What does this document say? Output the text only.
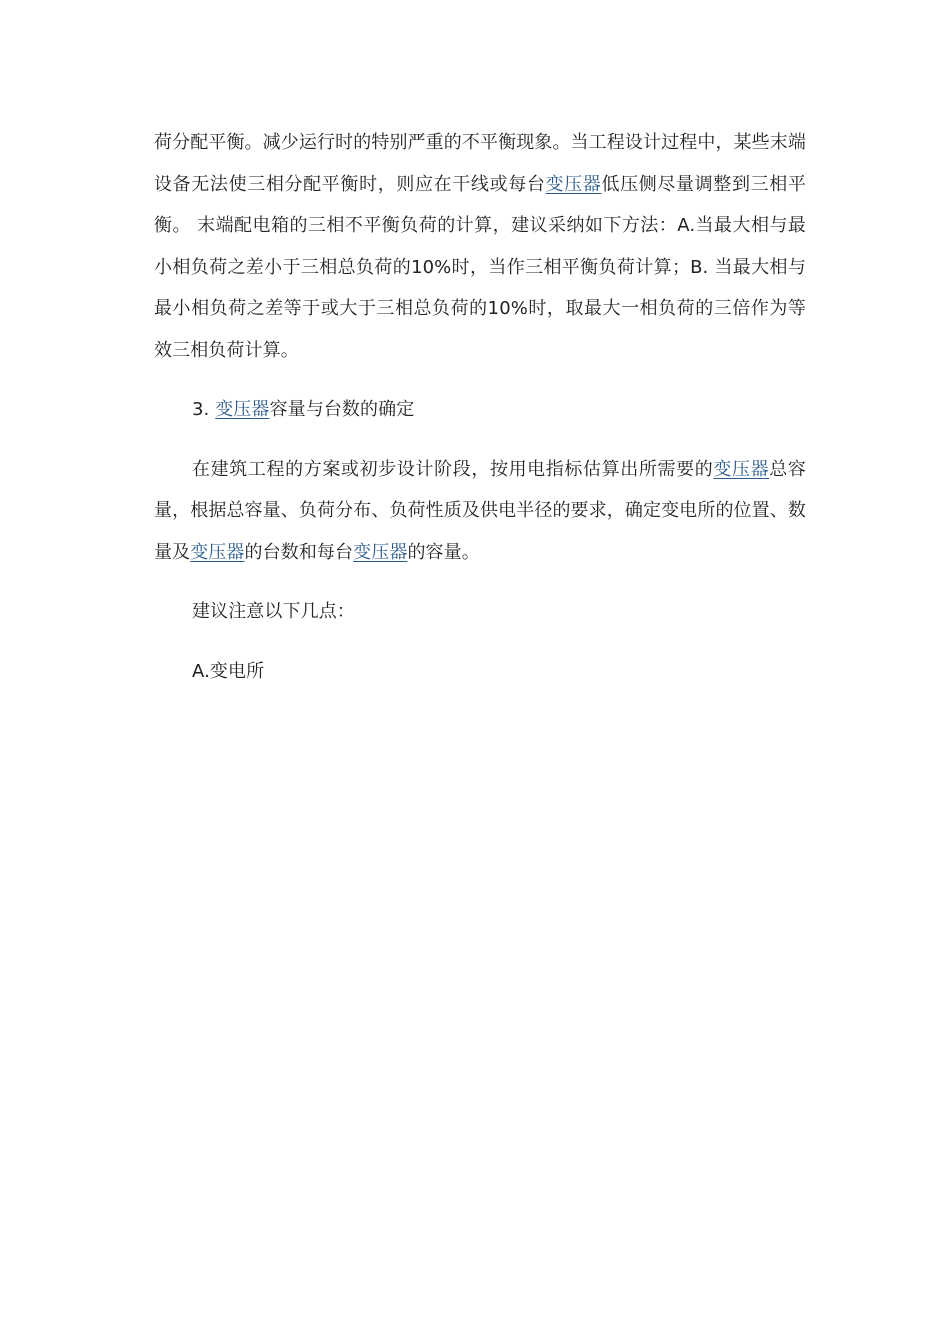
荷分配平衡。减少运行时的特别严重的不平衡现象。当工程设计过程中，某些末端设备无法使三相分配平衡时，则应在干线或每台变压器低压侧尽量调整到三相平衡。 末端配电箱的三相不平衡负荷的计算，建议采纳如下方法：A.当最大相与最小相负荷之差小于三相总负荷的10%时，当作三相平衡负荷计算；B. 当最大相与最小相负荷之差等于或大于三相总负荷的10%时，取最大一相负荷的三倍作为等效三相负荷计算。

3. 变压器容量与台数的确定

在建筑工程的方案或初步设计阶段，按用电指标估算出所需要的变压器总容量，根据总容量、负荷分布、负荷性质及供电半径的要求，确定变电所的位置、数量及变压器的台数和每台变压器的容量。

建议注意以下几点：

A.变电所
